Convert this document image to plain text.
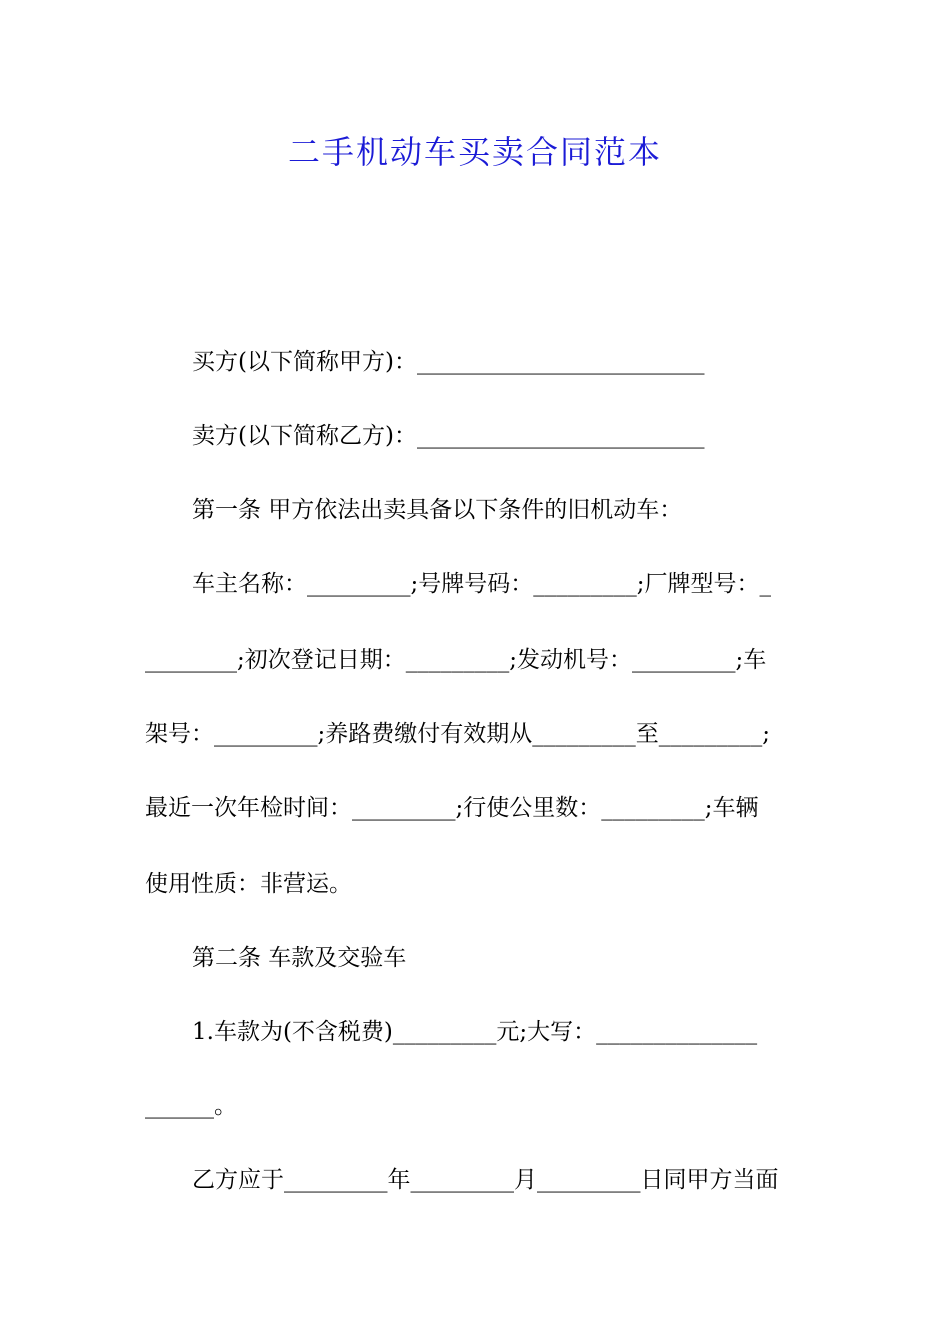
二手机动车买卖合同范本
买方(以下简称甲方)：_________________________
卖方(以下简称乙方)：_________________________
第一条 甲方依法出卖具备以下条件的旧机动车：
车主名称：_________;号牌号码：_________;厂牌型号：_
________;初次登记日期：_________;发动机号：_________;车
架号：_________;养路费缴付有效期从_________至_________;
最近一次年检时间：_________;行使公里数：_________;车辆
使用性质：非营运。
第二条 车款及交验车
1.车款为(不含税费)_________元;大写：______________
______。
乙方应于_________年_________月_________日同甲方当面
